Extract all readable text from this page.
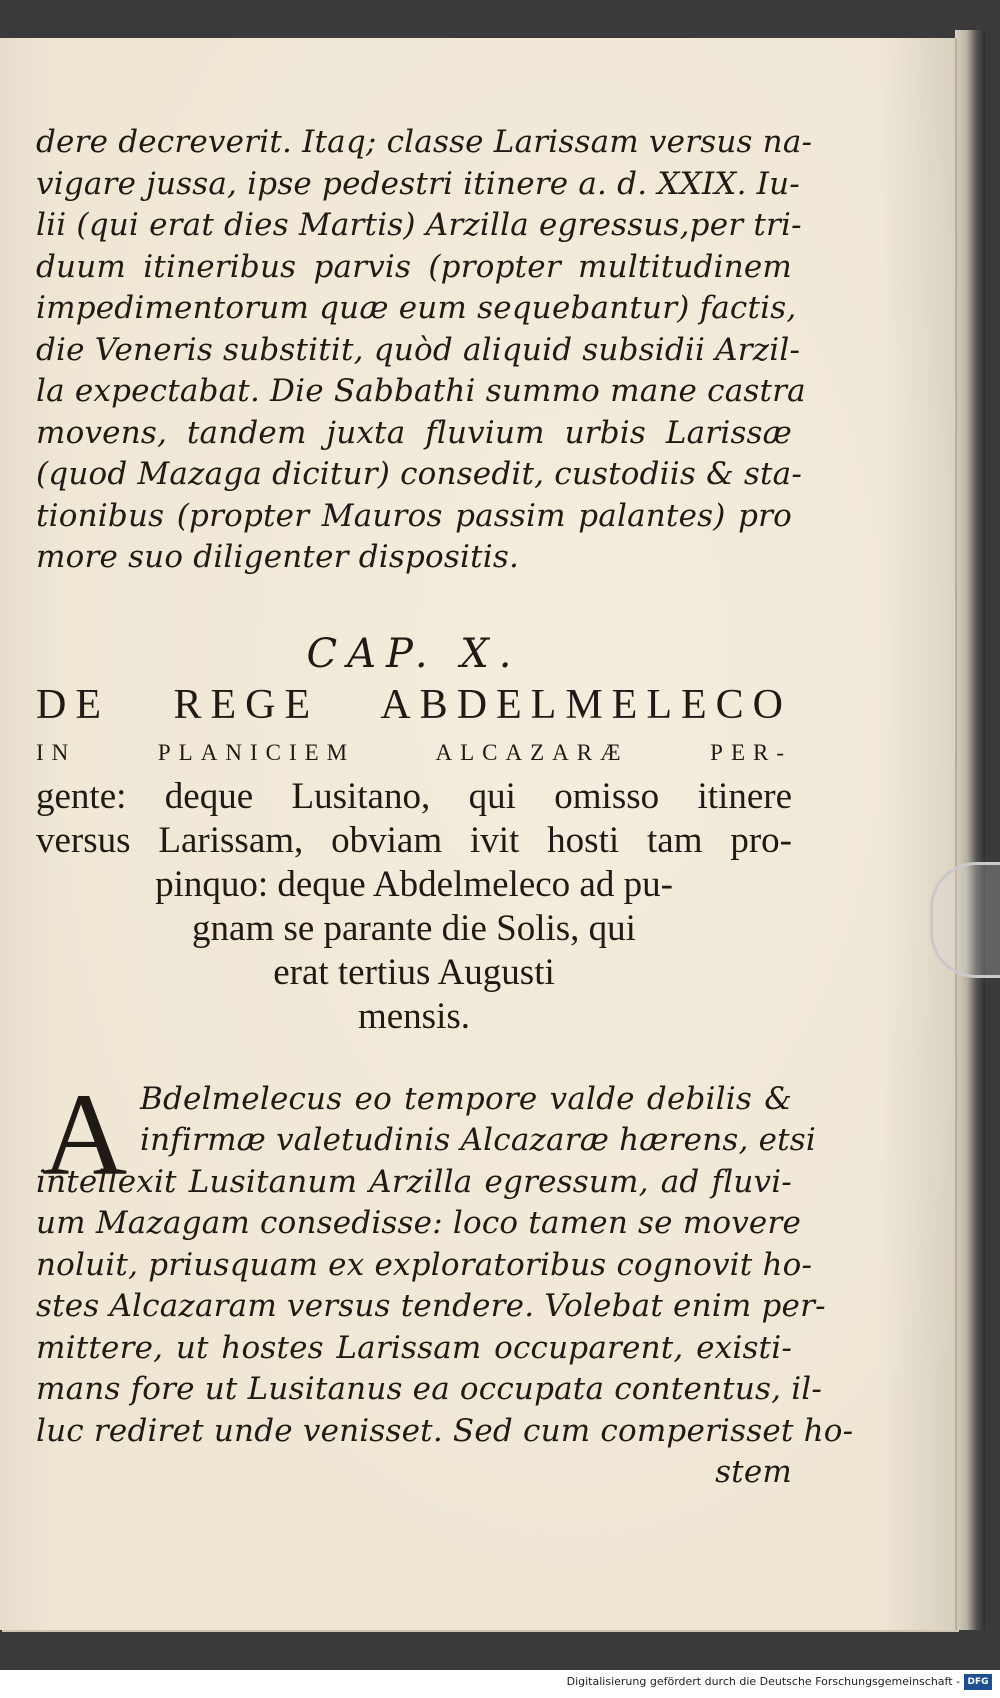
dere decreverit. Itaq; classe Larissam versus na-
vigare jussa, ipse pedestri itinere a. d. XXIX. Iu-
lii (qui erat dies Martis) Arzilla egressus,per tri-
duum itineribus parvis (propter multitudinem
impedimentorum quæ eum sequebantur) factis,
die Veneris substitit, quòd aliquid subsidii Arzil-
la expectabat. Die Sabbathi summo mane castra
movens, tandem juxta fluvium urbis Larissæ
(quod Mazaga dicitur) consedit, custodiis & sta-
tionibus (propter Mauros passim palantes) pro
more suo diligenter dispositis.
CAP. X.
DE REGE ABDELMELECO
IN PLANICIEM ALCAZARÆ PER-
gente: deque Lusitano, qui omisso itinere
versus Larissam, obviam ivit hosti tam pro-
pinquo: deque Abdelmeleco ad pu-
gnam se parante die Solis, qui
erat tertius Augusti
mensis.
A Bdelmelecus eo tempore valde debilis &
infirmæ valetudinis Alcazaræ hærens, etsi
intellexit Lusitanum Arzilla egressum, ad fluvi-
um Mazagam consedisse: loco tamen se movere
noluit, priusquam ex exploratoribus cognovit ho-
stes Alcazaram versus tendere. Volebat enim per-
mittere, ut hostes Larissam occuparent, existi-
mans fore ut Lusitanus ea occupata contentus, il-
luc rediret unde venisset. Sed cum comperisset ho-
stem
Digitalisierung gefördert durch die Deutsche Forschungsgemeinschaft - DFG
